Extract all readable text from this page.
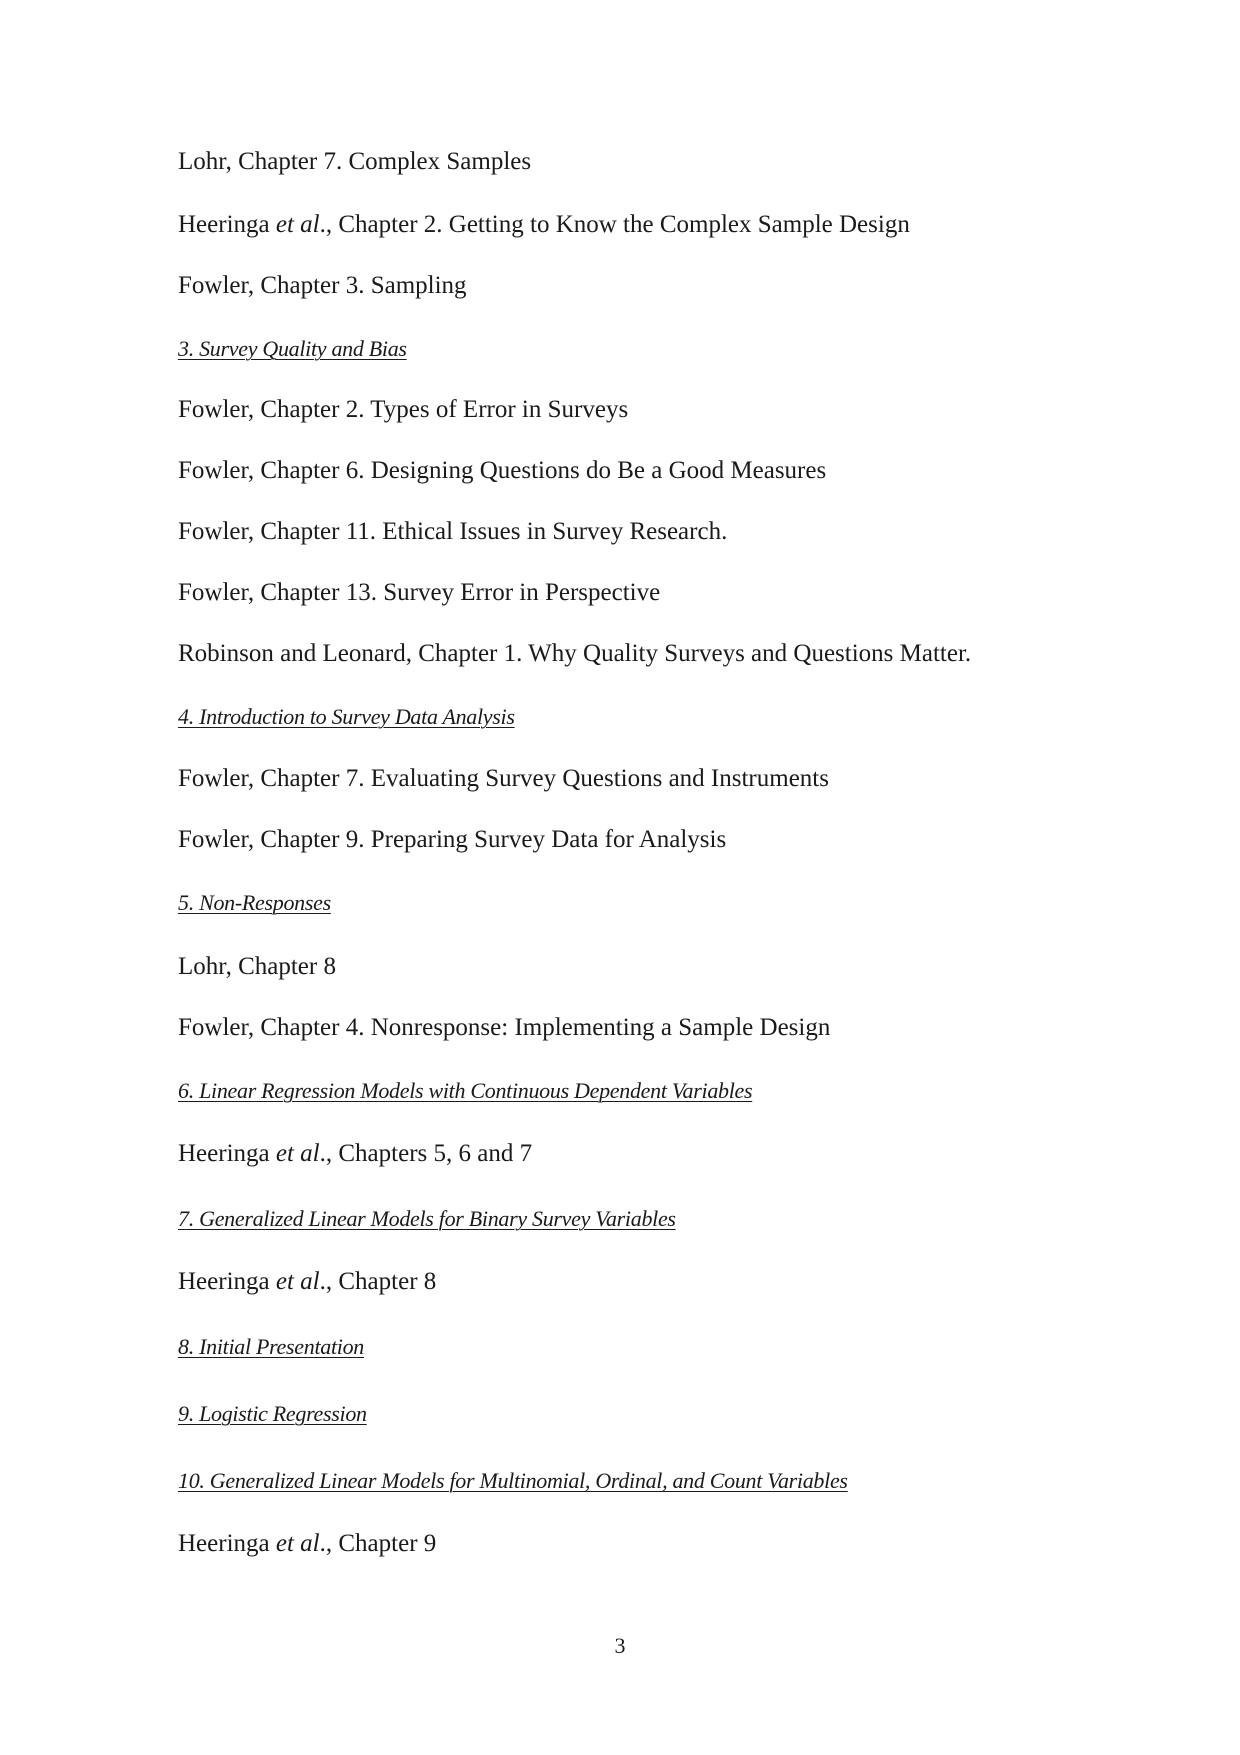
Lohr, Chapter 7. Complex Samples
Heeringa et al., Chapter 2. Getting to Know the Complex Sample Design
Fowler, Chapter 3. Sampling
3. Survey Quality and Bias
Fowler, Chapter 2. Types of Error in Surveys
Fowler, Chapter 6. Designing Questions do Be a Good Measures
Fowler, Chapter 11. Ethical Issues in Survey Research.
Fowler, Chapter 13. Survey Error in Perspective
Robinson and Leonard, Chapter 1. Why Quality Surveys and Questions Matter.
4. Introduction to Survey Data Analysis
Fowler, Chapter 7. Evaluating Survey Questions and Instruments
Fowler, Chapter 9. Preparing Survey Data for Analysis
5. Non-Responses
Lohr, Chapter 8
Fowler, Chapter 4. Nonresponse: Implementing a Sample Design
6. Linear Regression Models with Continuous Dependent Variables
Heeringa et al., Chapters 5, 6 and 7
7. Generalized Linear Models for Binary Survey Variables
Heeringa et al., Chapter 8
8. Initial Presentation
9. Logistic Regression
10. Generalized Linear Models for Multinomial, Ordinal, and Count Variables
Heeringa et al., Chapter 9
3
